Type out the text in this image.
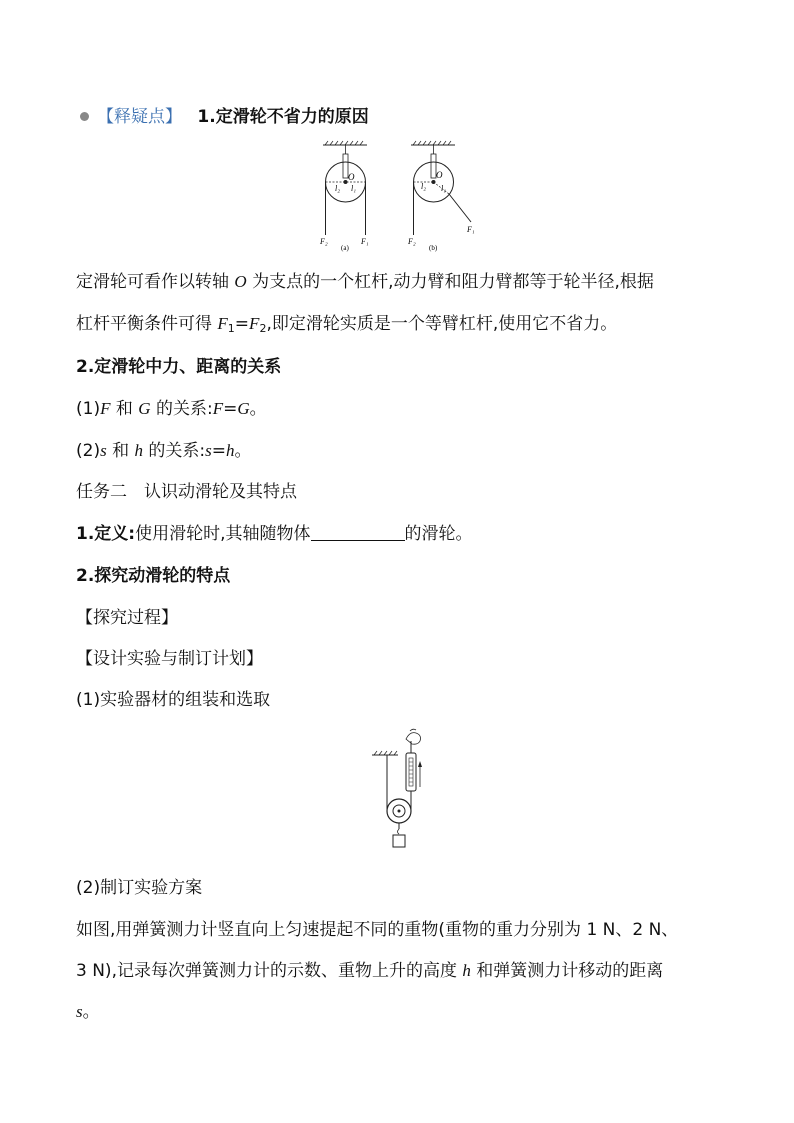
【释疑点】 1.定滑轮不省力的原因
O
l₂ l₁
F₂	F₁
(a)
O
l₂ l₁
F₂
F₁
(b)
定滑轮可看作以转轴 O 为支点的一个杠杆,动力臂和阻力臂都等于轮半径,根据
杠杆平衡条件可得 $F_1=F_2$,即定滑轮实质是一个等臂杠杆,使用它不省力。
2.定滑轮中力、距离的关系
(1)F 和 G 的关系:F=G。
(2)s 和 h 的关系:s=h。
任务二　认识动滑轮及其特点
1.定义:使用滑轮时,其轴随物体	的滑轮。
2.探究动滑轮的特点
【探究过程】
【设计实验与制订计划】
(1)实验器材的组装和选取
(2)制订实验方案
如图,用弹簧测力计竖直向上匀速提起不同的重物(重物的重力分别为 1 N、2 N、
3 N),记录每次弹簧测力计的示数、重物上升的高度 h 和弹簧测力计移动的距离
s。
